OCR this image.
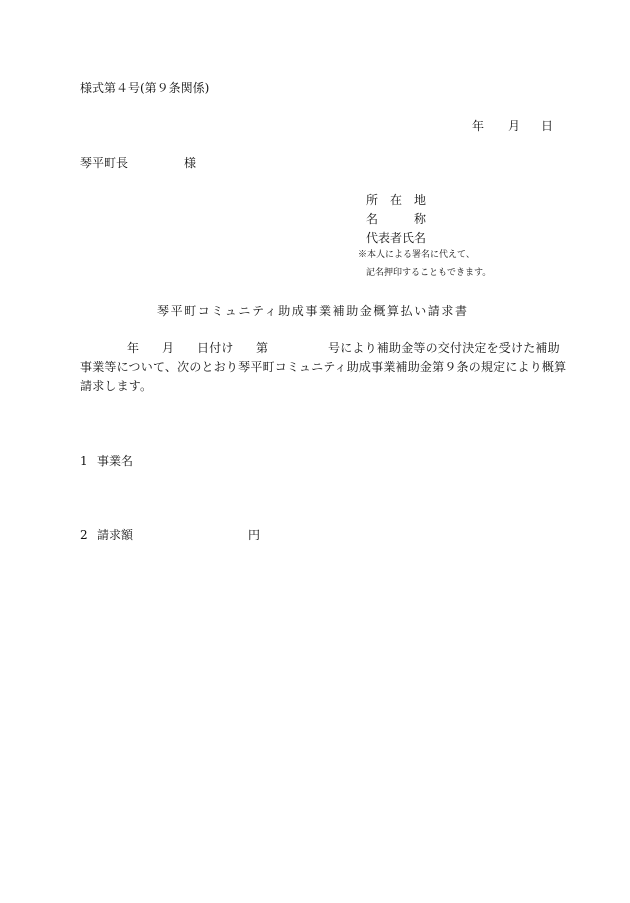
様式第４号(第９条関係)
年 月 日
琴平町長	様
所　在　地
名　　　称
代表者氏名
※本人による署名に代えて、
記名押印することもできます。
琴平町コミュニティ助成事業補助金概算払い請求書
年 月 日付け 第	号により補助金等の交付決定を受けた補助
事業等について、次のとおり琴平町コミュニティ助成事業補助金第９条の規定により概算
請求します。
1 事業名
2 請求額	円
